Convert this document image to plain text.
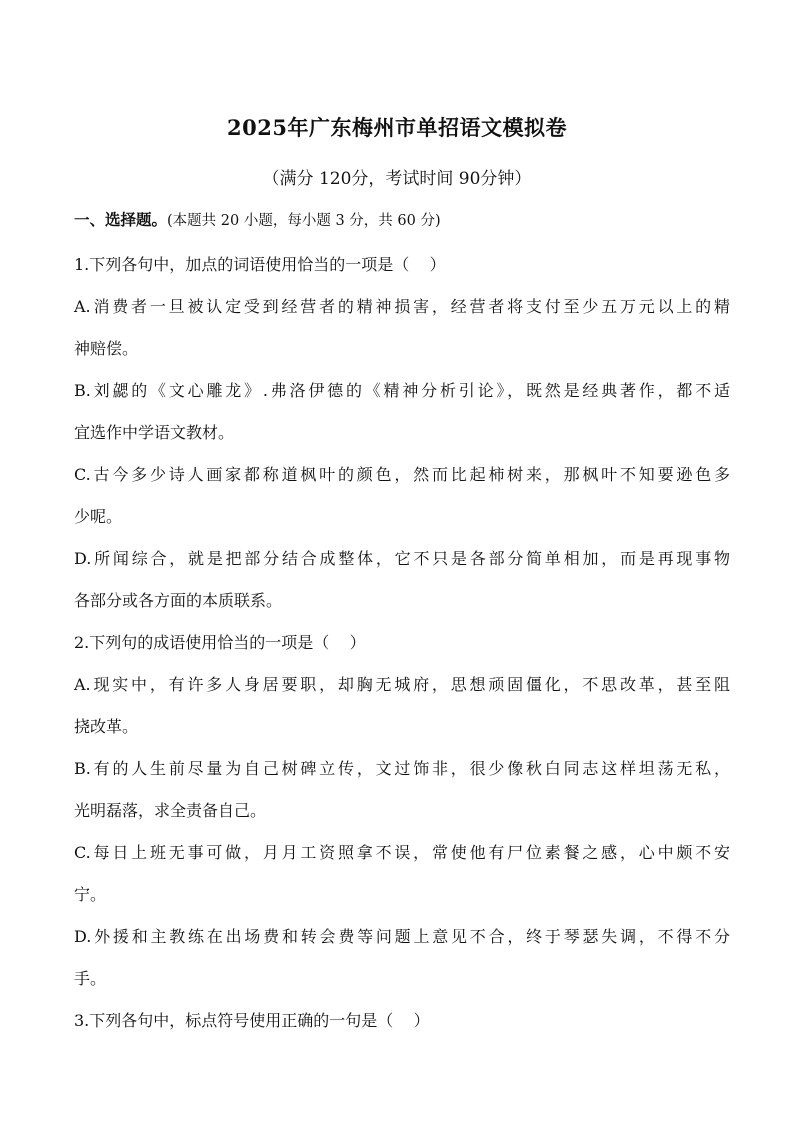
2025年广东梅州市单招语文模拟卷
（满分 120分，考试时间 90分钟）
一、选择题。(本题共 20 小题，每小题 3 分，共 60 分)
1.下列各句中，加点的词语使用恰当的一项是（    ）
A.消费者一旦被认定受到经营者的精神损害，经营者将支付至少五万元以上的精
神赔偿。
B.刘勰的《文心雕龙》.弗洛伊德的《精神分析引论》，既然是经典著作，都不适
宜选作中学语文教材。
C.古今多少诗人画家都称道枫叶的颜色，然而比起柿树来，那枫叶不知要逊色多
少呢。
D.所闻综合，就是把部分结合成整体，它不只是各部分简单相加，而是再现事物
各部分或各方面的本质联系。
2.下列句的成语使用恰当的一项是（    ）
A.现实中，有许多人身居要职，却胸无城府，思想顽固僵化，不思改革，甚至阻
挠改革。
B.有的人生前尽量为自己树碑立传，文过饰非，很少像秋白同志这样坦荡无私，
光明磊落，求全责备自己。
C.每日上班无事可做，月月工资照拿不误，常使他有尸位素餐之感，心中颇不安
宁。
D.外援和主教练在出场费和转会费等问题上意见不合，终于琴瑟失调，不得不分
手。
3.下列各句中，标点符号使用正确的一句是（    ）
